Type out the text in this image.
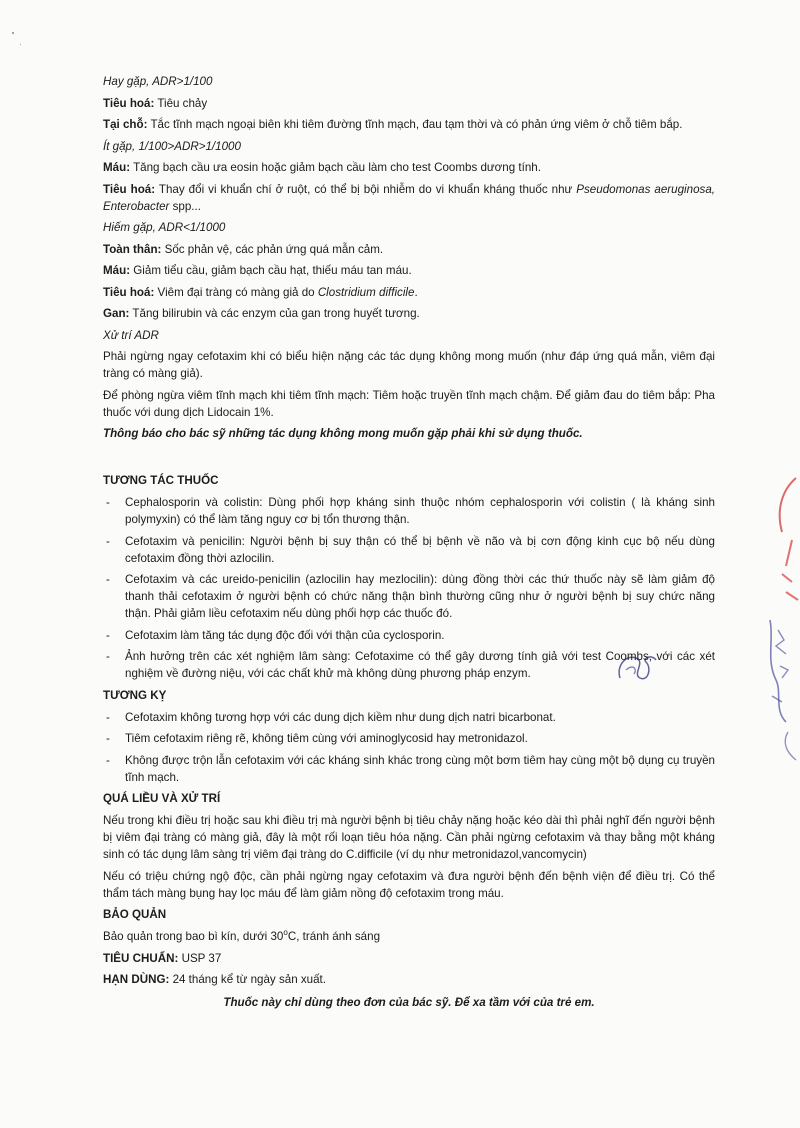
Hay gặp, ADR>1/100

Tiêu hoá: Tiêu chảy

Tại chỗ: Tắc tĩnh mạch ngoại biên khi tiêm đường tĩnh mạch, đau tạm thời và có phản ứng viêm ở chỗ tiêm bắp.

Ít gặp, 1/100>ADR>1/1000

Máu: Tăng bạch cầu ưa eosin hoặc giảm bạch cầu làm cho test Coombs dương tính.

Tiêu hoá: Thay đổi vi khuẩn chí ở ruột, có thể bị bội nhiễm do vi khuẩn kháng thuốc như Pseudomonas aeruginosa, Enterobacter spp...

Hiếm gặp, ADR<1/1000

Toàn thân: Sốc phản vệ, các phản ứng quá mẫn cảm.

Máu: Giảm tiểu cầu, giảm bạch cầu hạt, thiếu máu tan máu.

Tiêu hoá: Viêm đại tràng có màng giả do Clostridium difficile.

Gan: Tăng bilirubin và các enzym của gan trong huyết tương.

Xử trí ADR

Phải ngừng ngay cefotaxim khi có biểu hiện nặng các tác dụng không mong muốn (như đáp ứng quá mẫn, viêm đại tràng có màng giả).

Để phòng ngừa viêm tĩnh mạch khi tiêm tĩnh mạch: Tiêm hoặc truyền tĩnh mạch chậm. Để giảm đau do tiêm bắp: Pha thuốc với dung dịch Lidocain 1%.

Thông báo cho bác sỹ những tác dụng không mong muốn gặp phải khi sử dụng thuốc.

TƯƠNG TÁC THUỐC
- Cephalosporin và colistin: Dùng phối hợp kháng sinh thuộc nhóm cephalosporin với colistin ( là kháng sinh polymyxin) có thể làm tăng nguy cơ bị tổn thương thận.
- Cefotaxim và penicilin: Người bệnh bị suy thận có thể bị bệnh về não và bị cơn động kinh cục bộ nếu dùng cefotaxim đồng thời azlocilin.
- Cefotaxim và các ureido-penicilin (azlocilin hay mezlocilin): dùng đồng thời các thứ thuốc này sẽ làm giảm độ thanh thải cefotaxim ở người bệnh có chức năng thận bình thường cũng như ở người bệnh bị suy chức năng thận. Phải giảm liều cefotaxim nếu dùng phối hợp các thuốc đó.
- Cefotaxim làm tăng tác dụng độc đối với thận của cyclosporin.
- Ảnh hưởng trên các xét nghiệm lâm sàng: Cefotaxime có thể gây dương tính giả với test Coombs, với các xét nghiệm về đường niệu, với các chất khử mà không dùng phương pháp enzym.
TƯƠNG KỴ
- Cefotaxim không tương hợp với các dung dịch kiềm như dung dịch natri bicarbonat.
- Tiêm cefotaxim riêng rẽ, không tiêm cùng với aminoglycosid hay metronidazol.
- Không được trộn lẫn cefotaxim với các kháng sinh khác trong cùng một bơm tiêm hay cùng một bộ dụng cụ truyền tĩnh mạch.
QUÁ LIỀU VÀ XỬ TRÍ

Nếu trong khi điều trị hoặc sau khi điều trị mà người bệnh bị tiêu chảy nặng hoặc kéo dài thì phải nghĩ đến người bệnh bị viêm đại tràng có màng giả, đây là một rối loạn tiêu hóa nặng. Cần phải ngừng cefotaxim và thay bằng một kháng sinh có tác dụng lâm sàng trị viêm đại tràng do C.difficile (ví dụ như metronidazol,vancomycin)

Nếu có triệu chứng ngộ độc, cần phải ngừng ngay cefotaxim và đưa người bệnh đến bệnh viện để điều trị. Có thể thẩm tách màng bụng hay lọc máu để làm giảm nồng độ cefotaxim trong máu.

BẢO QUẢN

Bảo quản trong bao bì kín, dưới 30$^o$C, tránh ánh sáng

TIÊU CHUẨN: USP 37

HẠN DÙNG: 24 tháng kể từ ngày sản xuất.

Thuốc này chỉ dùng theo đơn của bác sỹ. Để xa tầm với của trẻ em.
